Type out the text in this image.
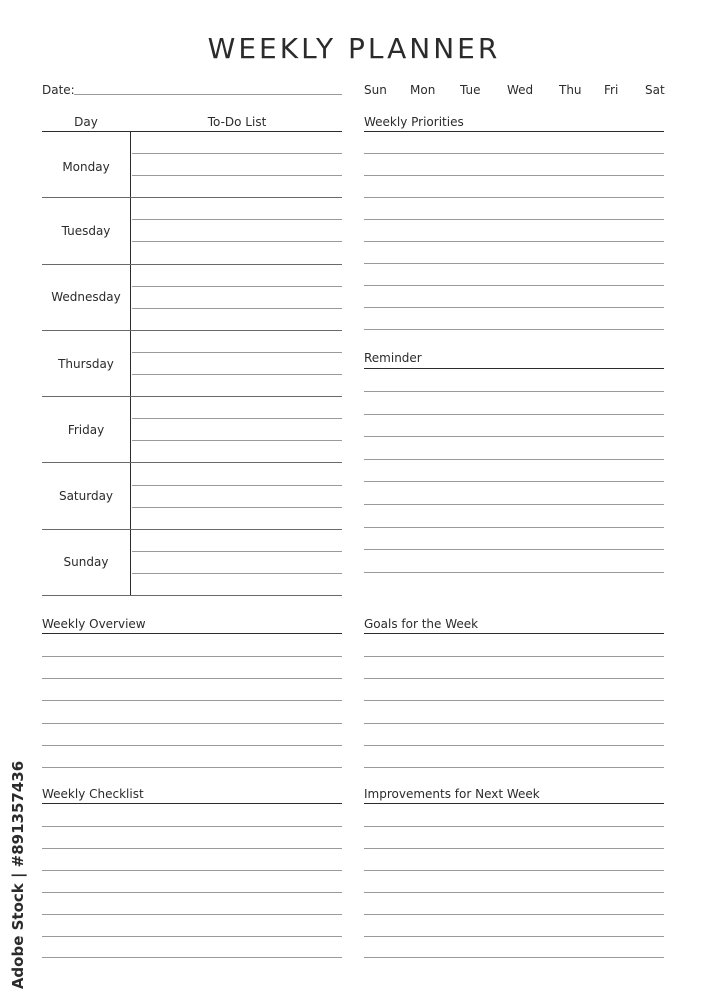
WEEKLY PLANNER
Date:	Sun Mon Tue Wed Thu Fri Sat
Day	To-Do List
Monday
Tuesday
Wednesday
Thursday
Friday
Saturday
Sunday
Weekly Priorities
Reminder
Weekly Overview	Goals for the Week
Weekly Checklist	Improvements for Next Week
Adobe Stock | #891357436
